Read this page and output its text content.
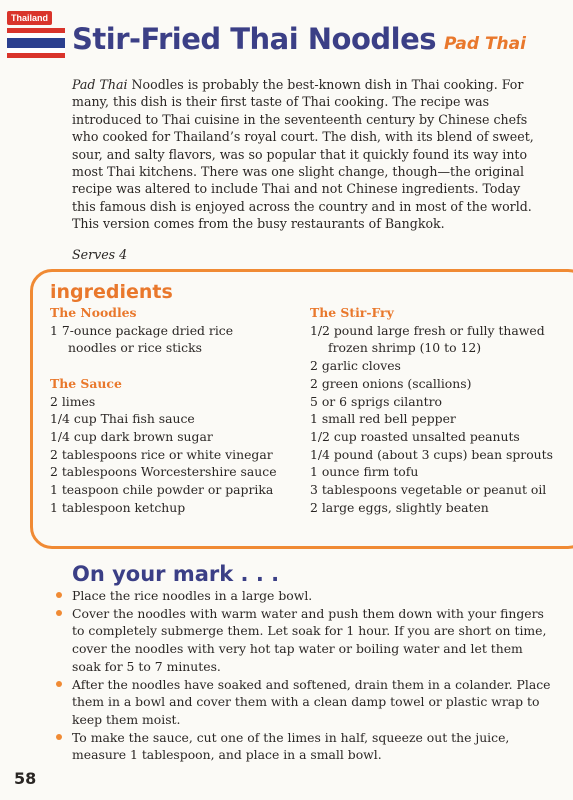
Thailand
Stir-Fried Thai Noodles Pad Thai

Pad Thai Noodles is probably the best-known dish in Thai cooking. For many, this dish is their first taste of Thai cooking. The recipe was introduced to Thai cuisine in the seventeenth century by Chinese chefs who cooked for Thailand’s royal court. The dish, with its blend of sweet, sour, and salty flavors, was so popular that it quickly found its way into most Thai kitchens. There was one slight change, though—the original recipe was altered to include Thai and not Chinese ingredients. Today this famous dish is enjoyed across the country and in most of the world. This version comes from the busy restaurants of Bangkok.

Serves 4

ingredients
The Noodles
1 7-ounce package dried rice noodles or rice sticks
The Sauce
2 limes
1/4 cup Thai fish sauce
1/4 cup dark brown sugar
2 tablespoons rice or white vinegar
2 tablespoons Worcestershire sauce
1 teaspoon chile powder or paprika
1 tablespoon ketchup
The Stir-Fry
1/2 pound large fresh or fully thawed frozen shrimp (10 to 12)
2 garlic cloves
2 green onions (scallions)
5 or 6 sprigs cilantro
1 small red bell pepper
1/2 cup roasted unsalted peanuts
1/4 pound (about 3 cups) bean sprouts
1 ounce firm tofu
3 tablespoons vegetable or peanut oil
2 large eggs, slightly beaten
On your mark . . .
Place the rice noodles in a large bowl.
Cover the noodles with warm water and push them down with your fingers to completely submerge them. Let soak for 1 hour. If you are short on time, cover the noodles with very hot tap water or boiling water and let them soak for 5 to 7 minutes.
After the noodles have soaked and softened, drain them in a colander. Place them in a bowl and cover them with a clean damp towel or plastic wrap to keep them moist.
To make the sauce, cut one of the limes in half, squeeze out the juice, measure 1 tablespoon, and place in a small bowl.

58
